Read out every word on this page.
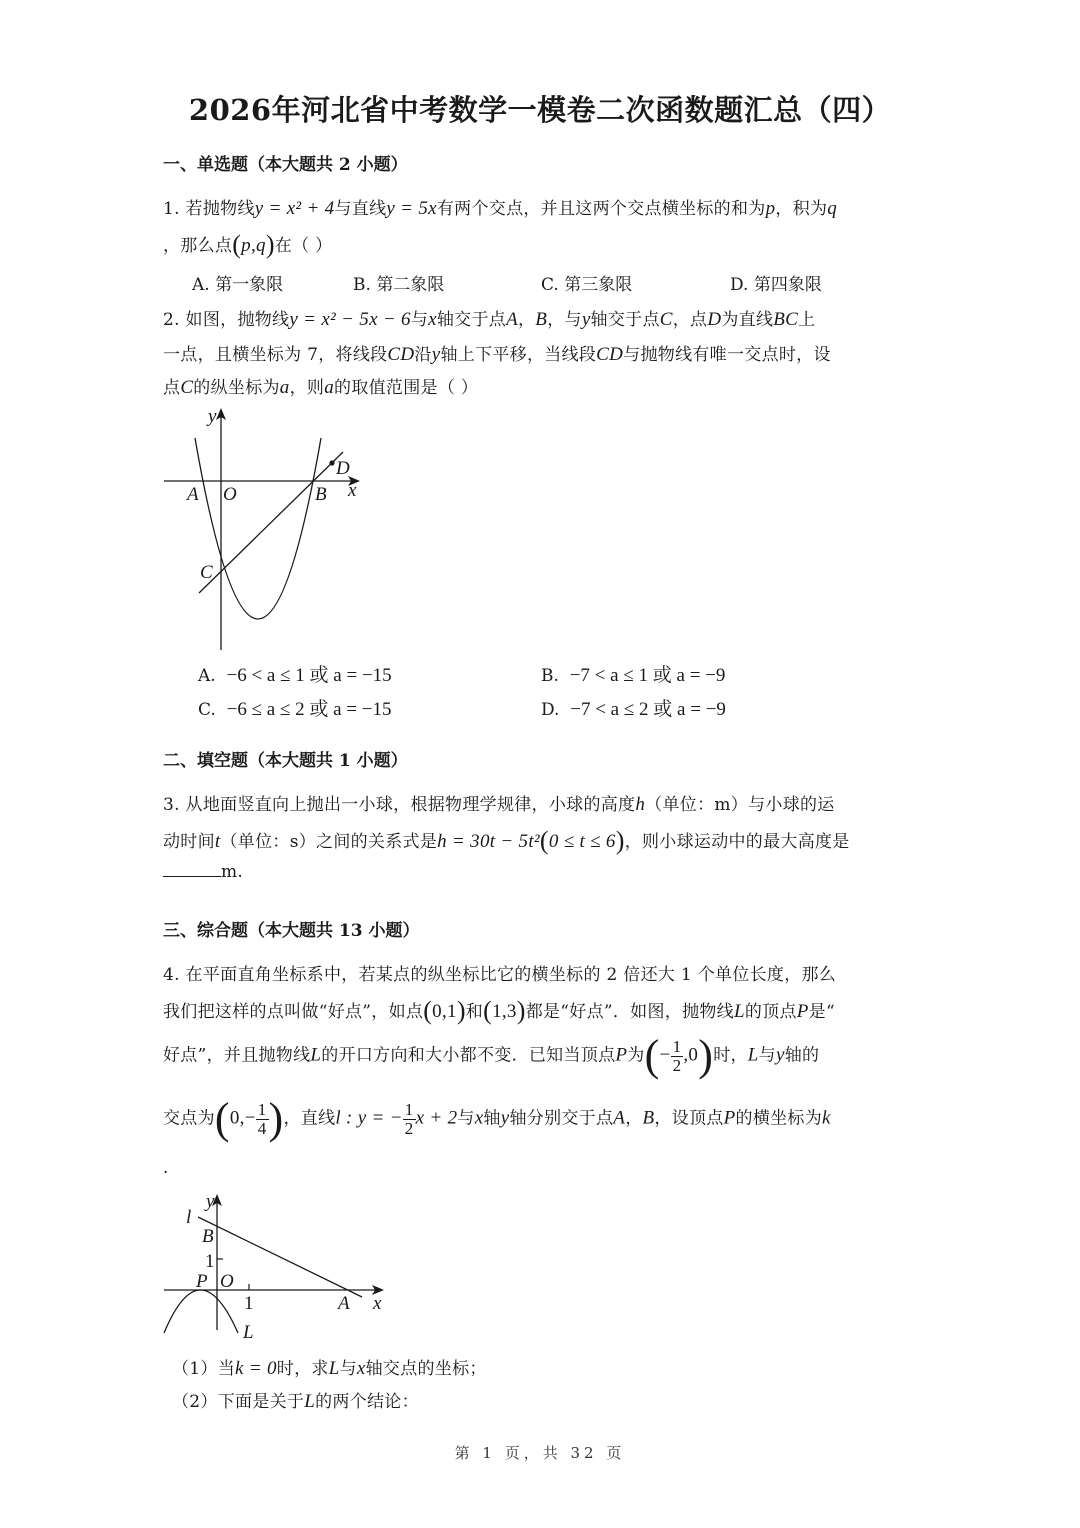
2026年河北省中考数学一模卷二次函数题汇总（四）
一、单选题（本大题共 2 小题）
1. 若抛物线y = x² + 4与直线y = 5x有两个交点，并且这两个交点横坐标的和为p，积为q
，那么点(p,q)在（ ）
A. 第一象限	B. 第二象限	C. 第三象限	D. 第四象限
2. 如图，抛物线y = x² − 5x − 6与x轴交于点A，B，与y轴交于点C，点D为直线BC上
一点，且横坐标为 7，将线段CD沿y轴上下平移，当线段CD与抛物线有唯一交点时，设
点C的纵坐标为a，则a的取值范围是（ ）
y
x
A O	B
C
D
A. −6 < a ≤ 1 或 a = −15	B. −7 < a ≤ 1 或 a = −9
C. −6 ≤ a ≤ 2 或 a = −15	D. −7 < a ≤ 2 或 a = −9
二、填空题（本大题共 1 小题）
3. 从地面竖直向上抛出一小球，根据物理学规律，小球的高度h（单位：m）与小球的运
动时间t（单位：s）之间的关系式是h = 30t − 5t²(0 ≤ t ≤ 6)，则小球运动中的最大高度是
m.
三、综合题（本大题共 13 小题）
4. 在平面直角坐标系中，若某点的纵坐标比它的横坐标的 2 倍还大 1 个单位长度，那么
我们把这样的点叫做“好点”，如点(0,1)和(1,3)都是“好点”．如图，抛物线L的顶点P是“
好点”，并且抛物线L的开口方向和大小都不变．已知当顶点P为(− $\frac{1}{2} ,0$)时，L与y轴的
交点为($0,- \frac{1}{4}$ )，直线l : y = − $\frac{1}{2}$ x + 2与x轴y轴分别交于点A，B，设顶点P的横坐标为k
.
y
x
l
B
1
P O
1	A
L
（1）当k = 0时，求L与x轴交点的坐标；
（2）下面是关于L的两个结论：
第 1 页，共 32 页
